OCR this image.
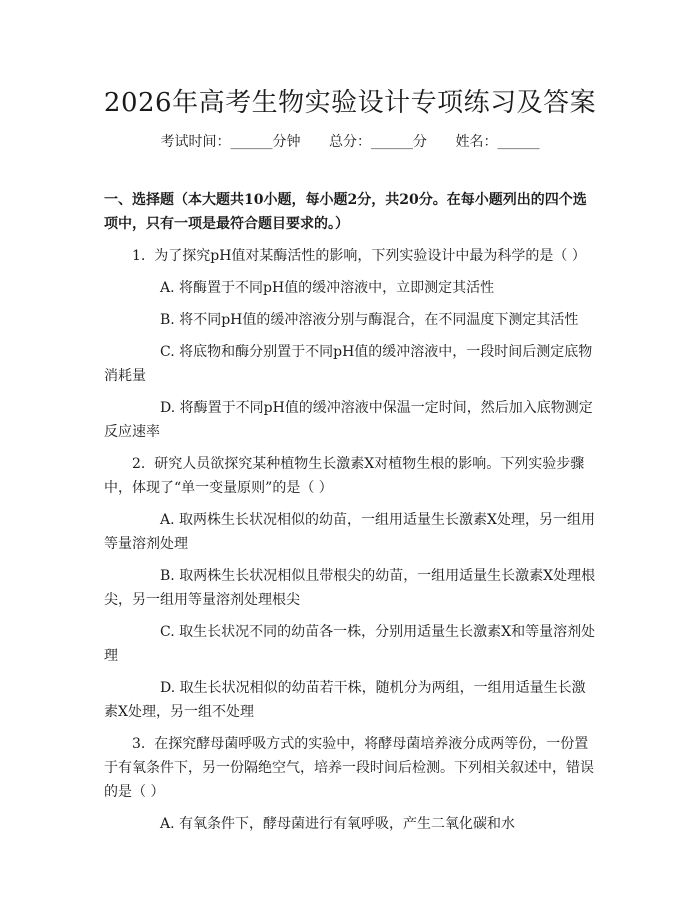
2026年高考生物实验设计专项练习及答案
考试时间：______分钟 总分：______分 姓名：______

一、选择题（本大题共10小题，每小题2分，共20分。在每小题列出的四个选项中，只有一项是最符合题目要求的。）

1.  为了探究pH值对某酶活性的影响，下列实验设计中最为科学的是（ ）

A. 将酶置于不同pH值的缓冲溶液中，立即测定其活性

B. 将不同pH值的缓冲溶液分别与酶混合，在不同温度下测定其活性

C. 将底物和酶分别置于不同pH值的缓冲溶液中，一段时间后测定底物消耗量

D. 将酶置于不同pH值的缓冲溶液中保温一定时间，然后加入底物测定反应速率

2.  研究人员欲探究某种植物生长激素X对植物生根的影响。下列实验步骤中，体现了“单一变量原则”的是（ ）

A. 取两株生长状况相似的幼苗，一组用适量生长激素X处理，另一组用等量溶剂处理

B. 取两株生长状况相似且带根尖的幼苗，一组用适量生长激素X处理根尖，另一组用等量溶剂处理根尖

C. 取生长状况不同的幼苗各一株，分别用适量生长激素X和等量溶剂处理

D. 取生长状况相似的幼苗若干株，随机分为两组，一组用适量生长激素X处理，另一组不处理

3.  在探究酵母菌呼吸方式的实验中，将酵母菌培养液分成两等份，一份置于有氧条件下，另一份隔绝空气，培养一段时间后检测。下列相关叙述中，错误的是（ ）

A. 有氧条件下，酵母菌进行有氧呼吸，产生二氧化碳和水
